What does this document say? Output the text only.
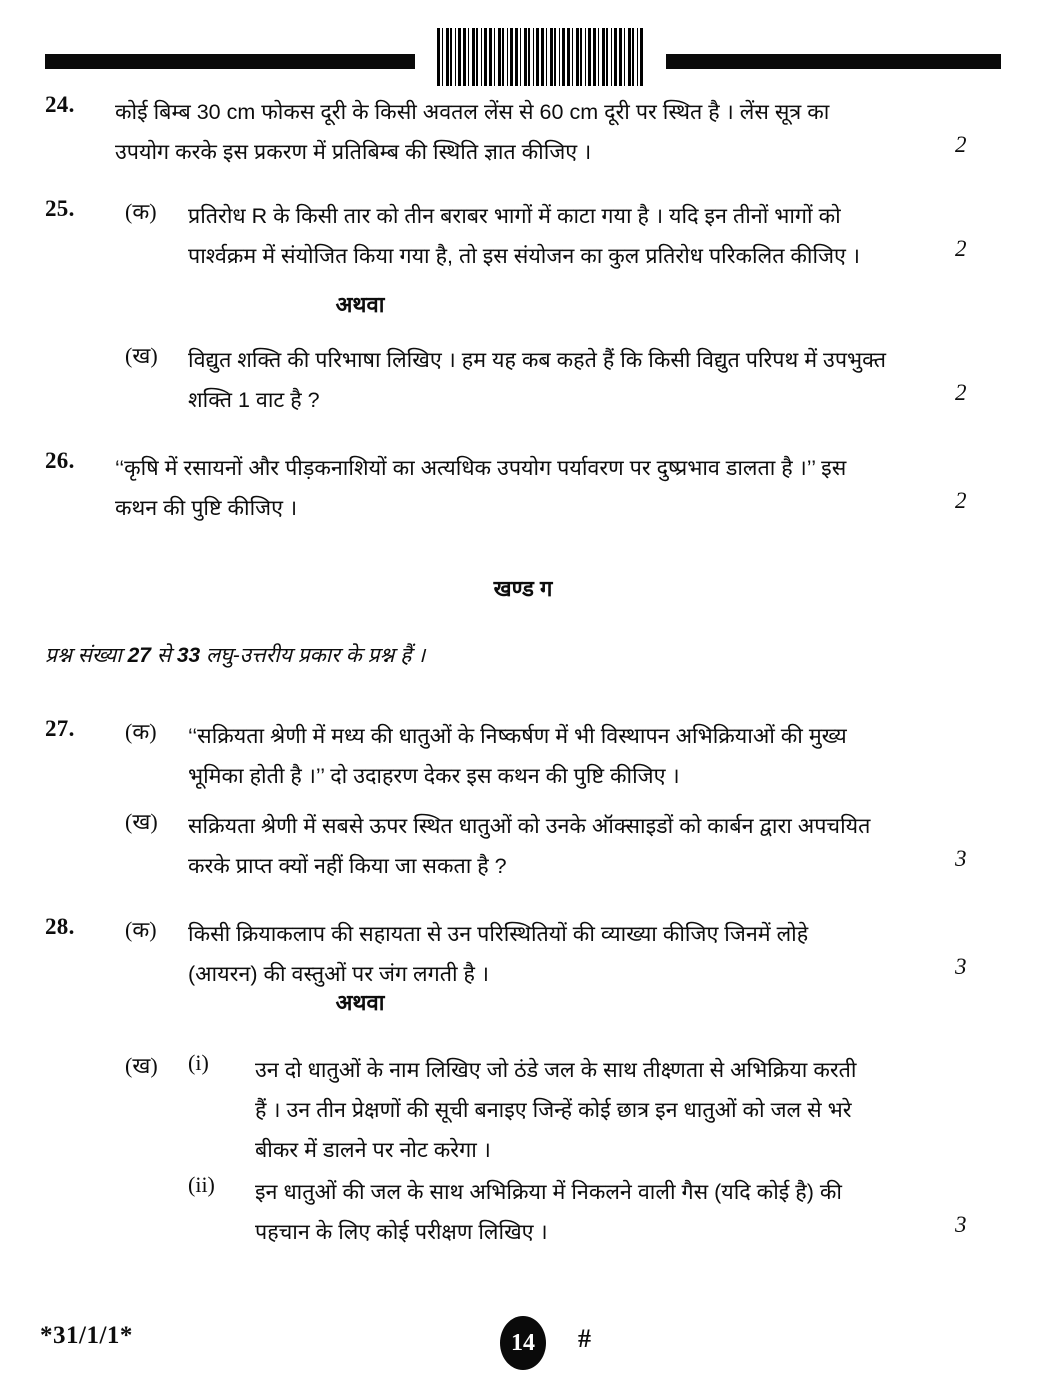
24. कोई बिम्ब 30 cm फोकस दूरी के किसी अवतल लेंस से 60 cm दूरी पर स्थित है । लेंस सूत्र का
उपयोग करके इस प्रकरण में प्रतिबिम्ब की स्थिति ज्ञात कीजिए ।	2
25. (क) प्रतिरोध R के किसी तार को तीन बराबर भागों में काटा गया है । यदि इन तीनों भागों को
पार्श्वक्रम में संयोजित किया गया है, तो इस संयोजन का कुल प्रतिरोध परिकलित कीजिए ।	2
(ख) विद्युत शक्ति की परिभाषा लिखिए । हम यह कब कहते हैं कि किसी विद्युत परिपथ में उपभुक्त
शक्ति 1 वाट है ?	2
26. ‘‘कृषि में रसायनों और पीड़कनाशियों का अत्यधिक उपयोग पर्यावरण पर दुष्प्रभाव डालता है ।’’ इस
कथन की पुष्टि कीजिए ।	2
27. (क) ‘‘सक्रियता श्रेणी में मध्य की धातुओं के निष्कर्षण में भी विस्थापन अभिक्रियाओं की मुख्य
भूमिका होती है ।’’ दो उदाहरण देकर इस कथन की पुष्टि कीजिए ।
(ख) सक्रियता श्रेणी में सबसे ऊपर स्थित धातुओं को उनके ऑक्साइडों को कार्बन द्वारा अपचयित
करके प्राप्त क्यों नहीं किया जा सकता है ?	3
28. (क) किसी क्रियाकलाप की सहायता से उन परिस्थितियों की व्याख्या कीजिए जिनमें लोहे
(आयरन) की वस्तुओं पर जंग लगती है ।	3
(ख) (i) उन दो धातुओं के नाम लिखिए जो ठंडे जल के साथ तीक्ष्णता से अभिक्रिया करती
हैं । उन तीन प्रेक्षणों की सूची बनाइए जिन्हें कोई छात्र इन धातुओं को जल से भरे
बीकर में डालने पर नोट करेगा ।
(ii) इन धातुओं की जल के साथ अभिक्रिया में निकलने वाली गैस (यदि कोई है) की
पहचान के लिए कोई परीक्षण लिखिए ।	3
अथवा
अथवा
खण्ड ग
प्रश्न संख्या 27 से 33 लघु-उत्तरीय प्रकार के प्रश्न हैं ।
*31/1/1*	14	#
